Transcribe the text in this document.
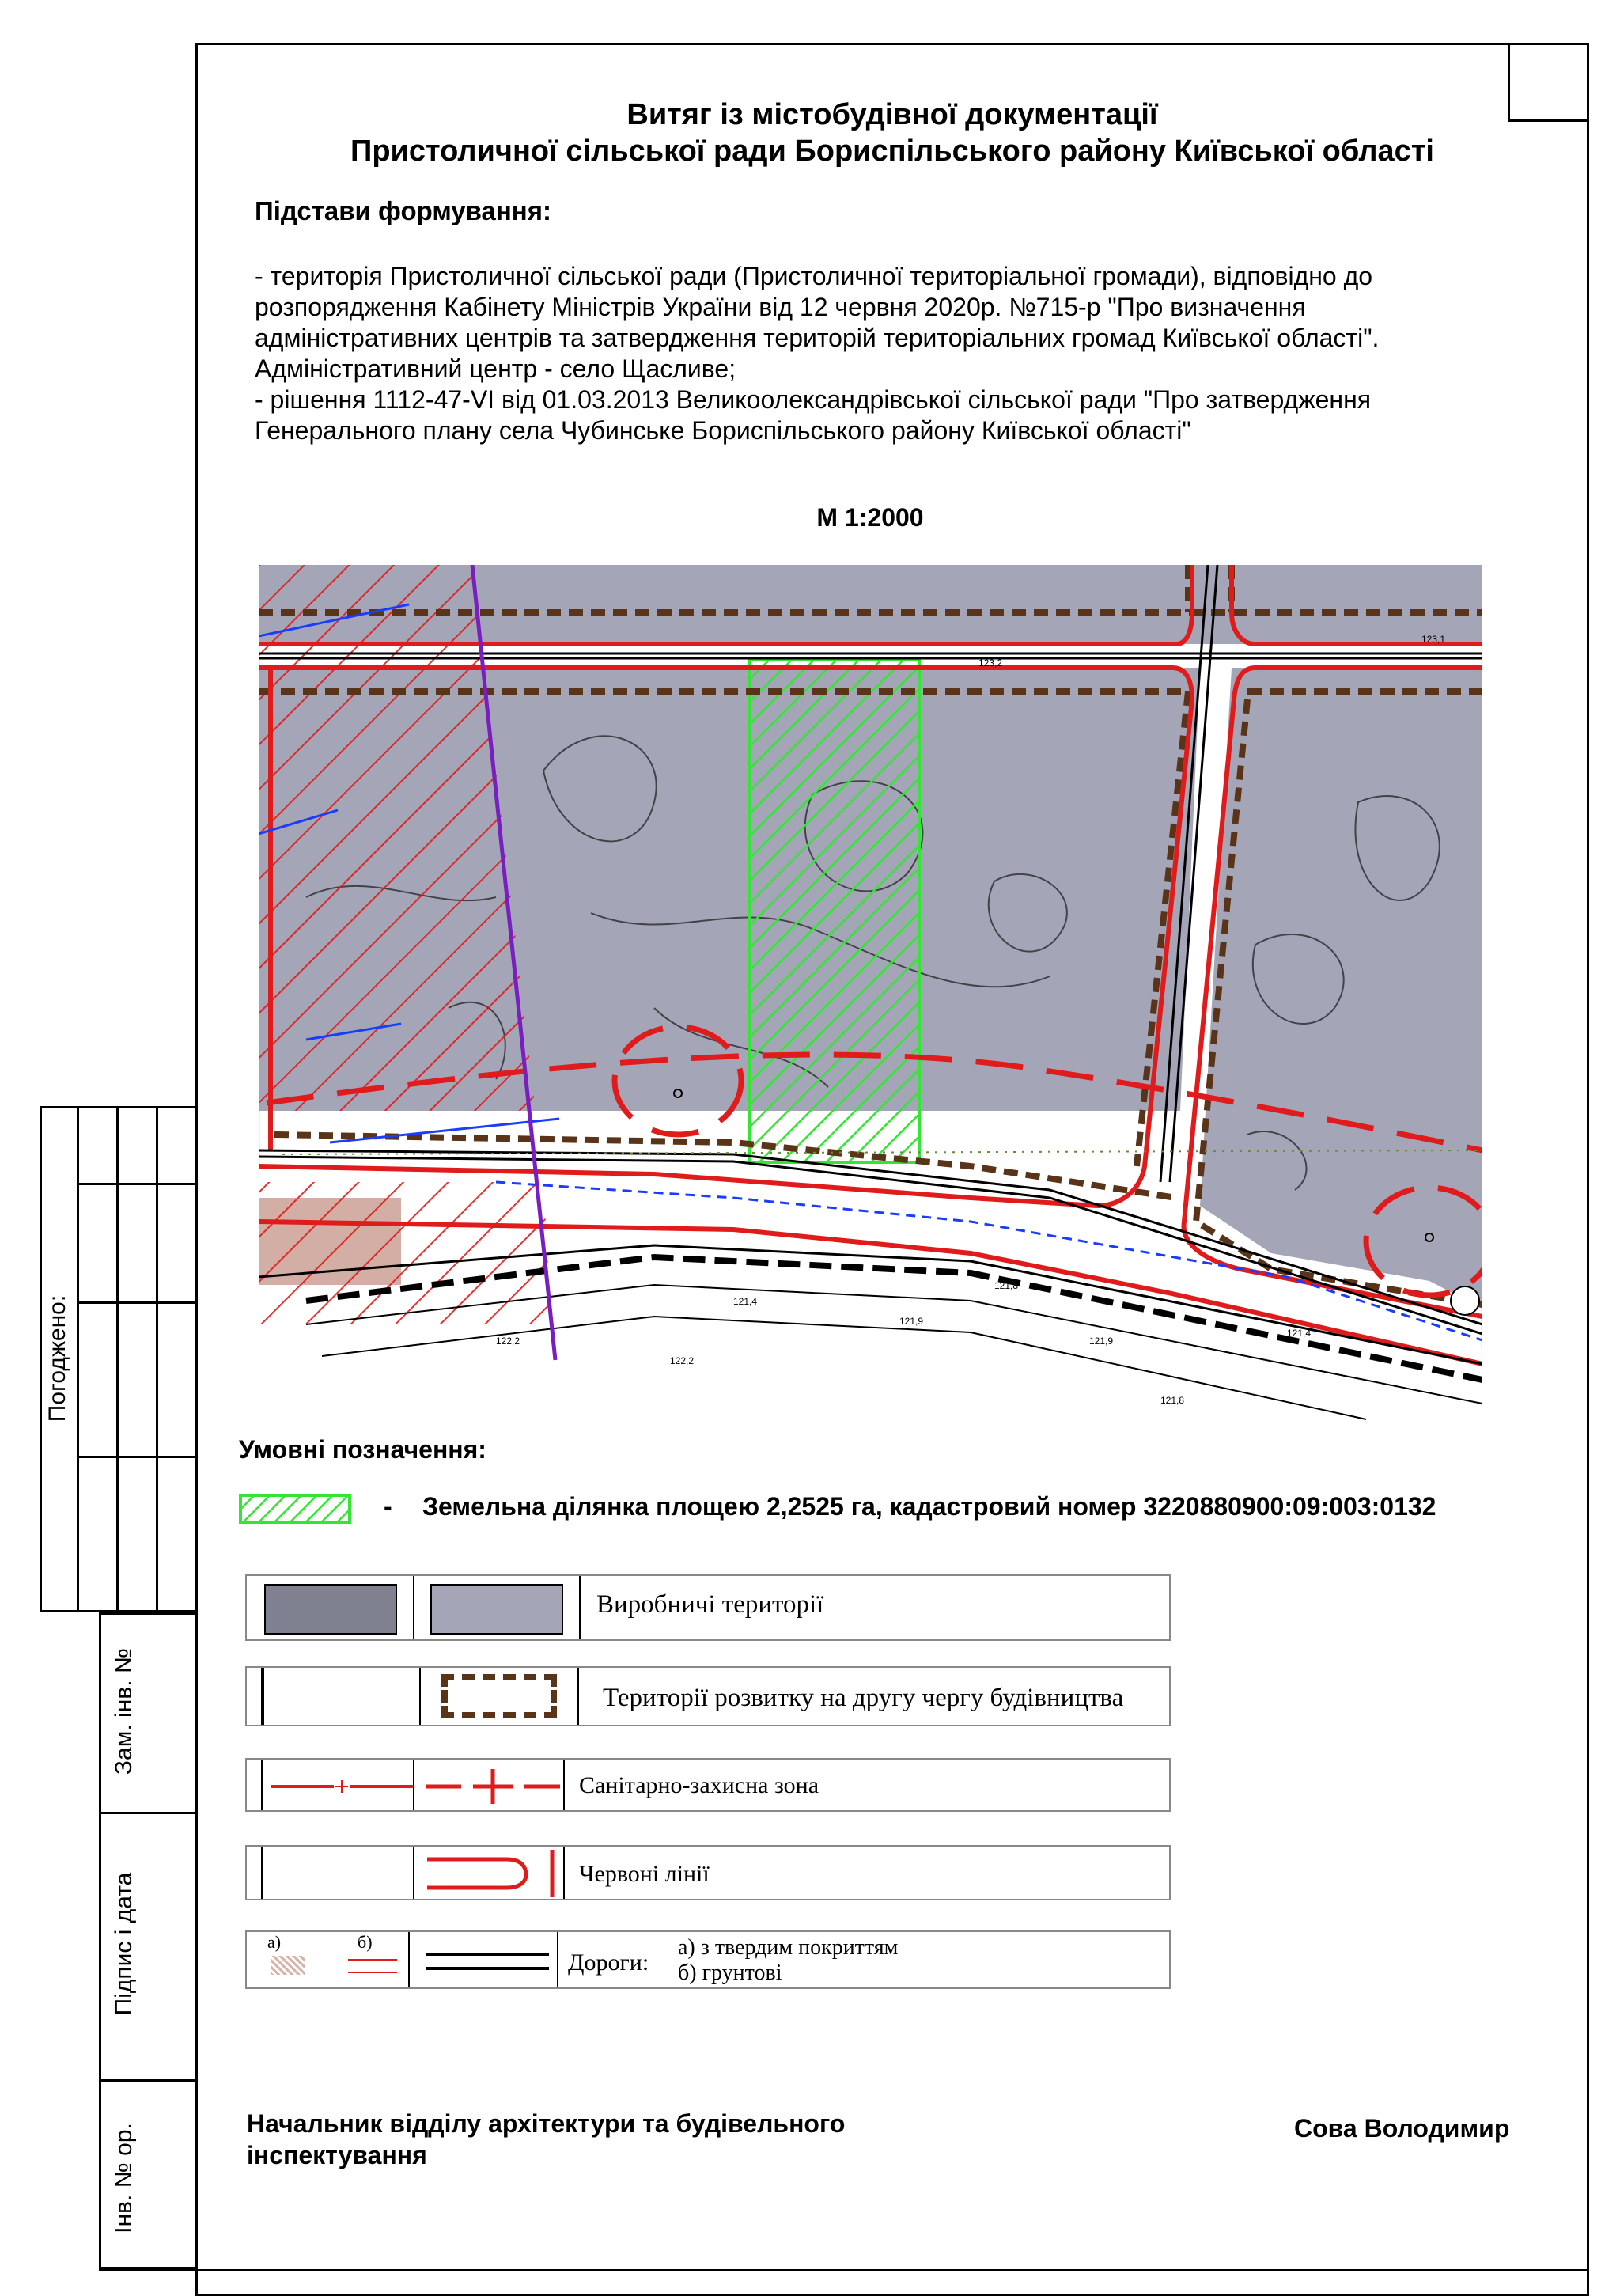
Погоджено:
Зам. інв. №
Підпис і дата
Інв. № ор.
Витяг із містобудівної документації
Пристоличної сільської ради Бориспільського району Київської області
Підстави формування:
- територія Пристоличної сільської ради (Пристоличної територіальної громади), відповідно до
розпорядження Кабінету Міністрів України від 12 червня 2020р. №715-р "Про визначення
адміністративних центрів та затвердження територій територіальних громад Київської області".
Адміністративний центр - село Щасливе;
- рішення 1112-47-VI від 01.03.2013 Великоолександрівської сільської ради "Про затвердження
Генерального плану села Чубинське Бориспільського району Київської області"
М 1:2000
123,2
123,1
121,9
121,9
122,2
121,8
121,4
121,8
122,2
121,4
Умовні позначення:
- Земельна ділянка площею 2,2525 га, кадастровий номер 3220880900:09:003:0132
Виробничі території
Території розвитку на другу чергу будівництва
Санітарно-захисна зона
Червоні лінії
а)	б)
Дороги:
а) з твердим покриттям
б) грунтові
Начальник відділу архітектури та будівельного
інспектування
Сова Володимир
